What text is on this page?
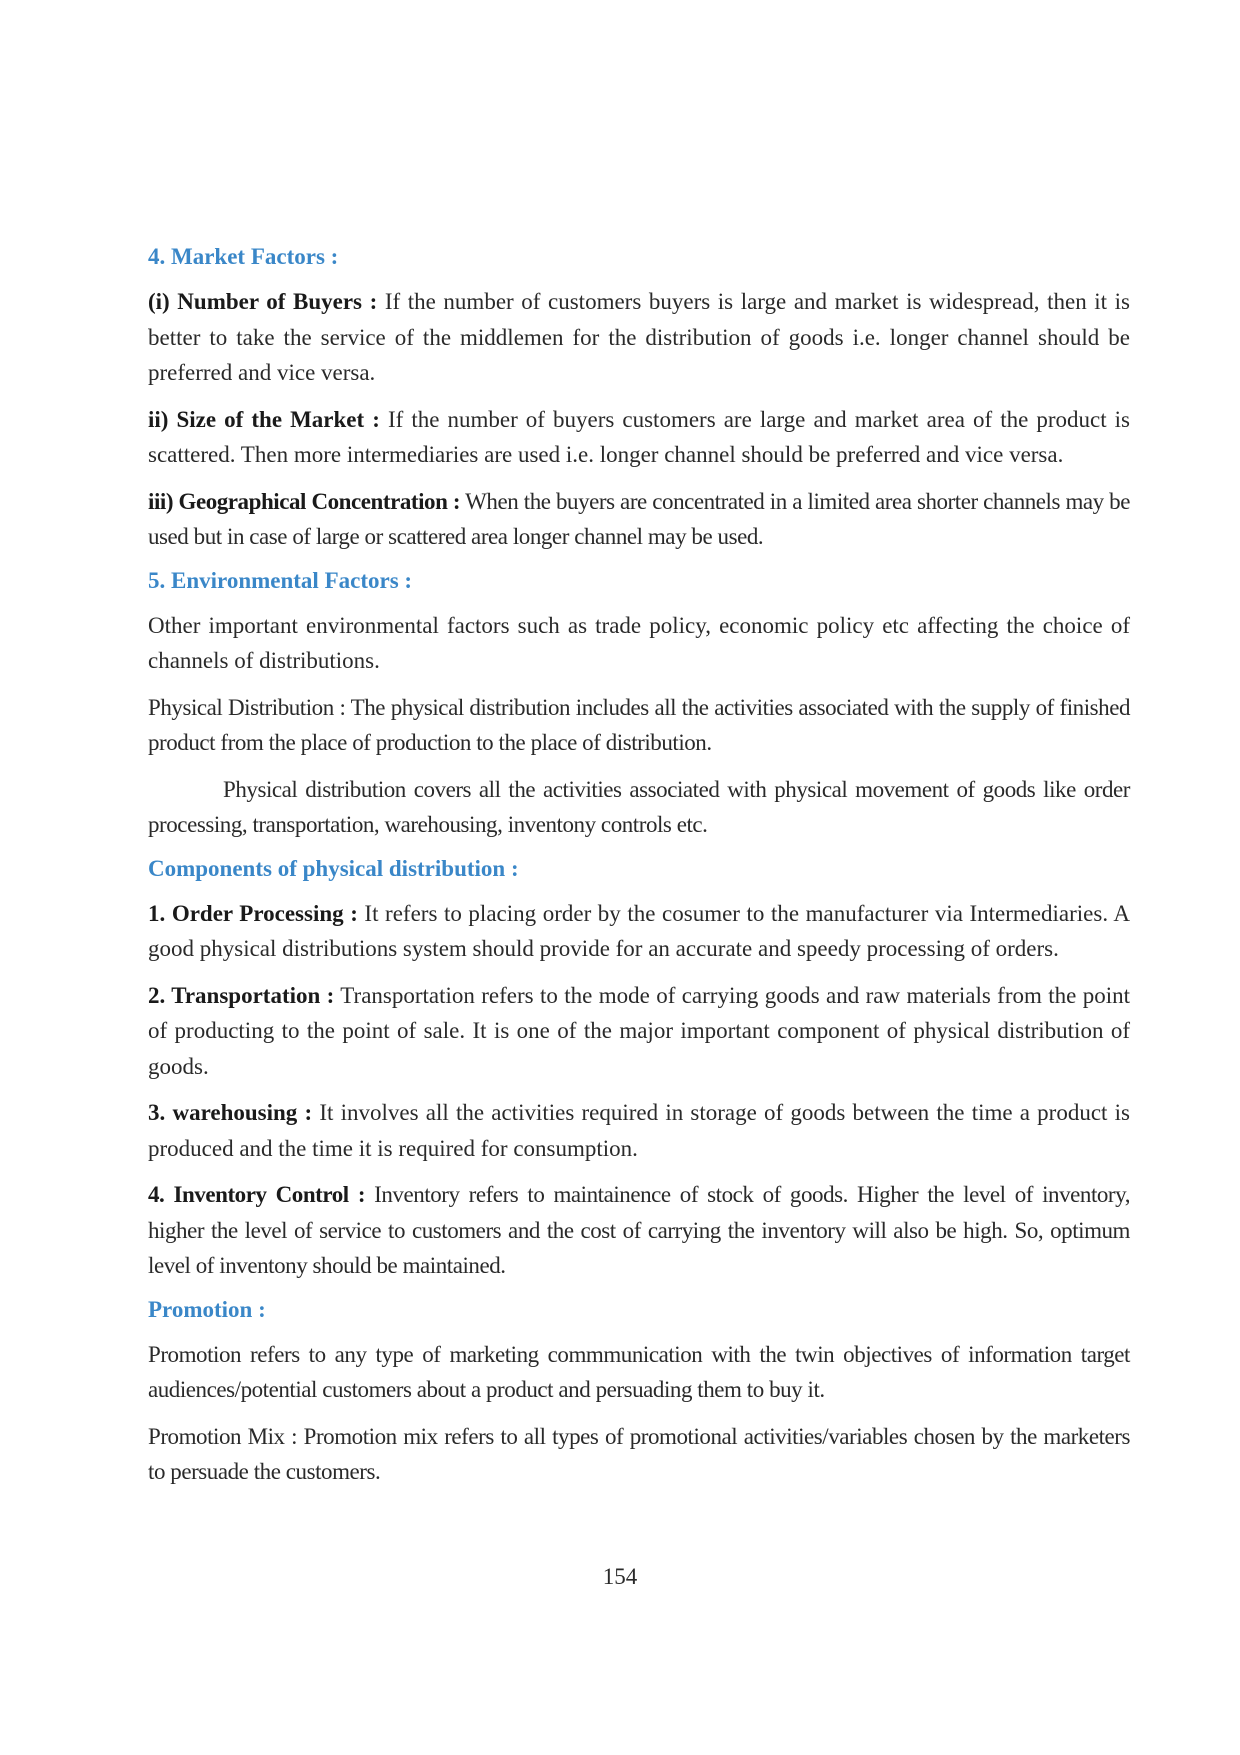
4. Market Factors :

(i) Number of Buyers : If the number of customers buyers is large and market is widespread, then it is better to take the service of the middlemen for the distribution of goods i.e. longer channel should be preferred and vice versa.

ii) Size of the Market : If the number of buyers customers are large and market area of the product is scattered. Then more intermediaries are used i.e. longer channel should be preferred and vice versa.

iii) Geographical Concentration : When the buyers are concentrated in a limited area shorter channels may be used but in case of large or scattered area longer channel may be used.

5. Environmental Factors :

Other important environmental factors such as trade policy, economic policy etc affecting the choice of channels of distributions.

Physical Distribution : The physical distribution includes all the activities associated with the supply of finished product from the place of production to the place of distribution.

Physical distribution covers all the activities associated with physical movement of goods like order processing, transportation, warehousing, inventony controls etc.

Components of physical distribution :

1. Order Processing : It refers to placing order by the cosumer to the manufacturer via Intermediaries. A good physical distributions system should provide for an accurate and speedy processing of orders.

2. Transportation : Transportation refers to the mode of carrying goods and raw materials from the point of producting to the point of sale. It is one of the major important component of physical distribution of goods.

3. warehousing : It involves all the activities required in storage of goods between the time a product is produced and the time it is required for consumption.

4. Inventory Control : Inventory refers to maintainence of stock of goods. Higher the level of inventory, higher the level of service to customers and the cost of carrying the inventory will also be high. So, optimum level of inventony should be maintained.

Promotion :

Promotion refers to any type of marketing commmunication with the twin objectives of information target audiences/potential customers about a product and persuading them to buy it.

Promotion Mix : Promotion mix refers to all types of promotional activities/variables chosen by the marketers to persuade the customers.

154
